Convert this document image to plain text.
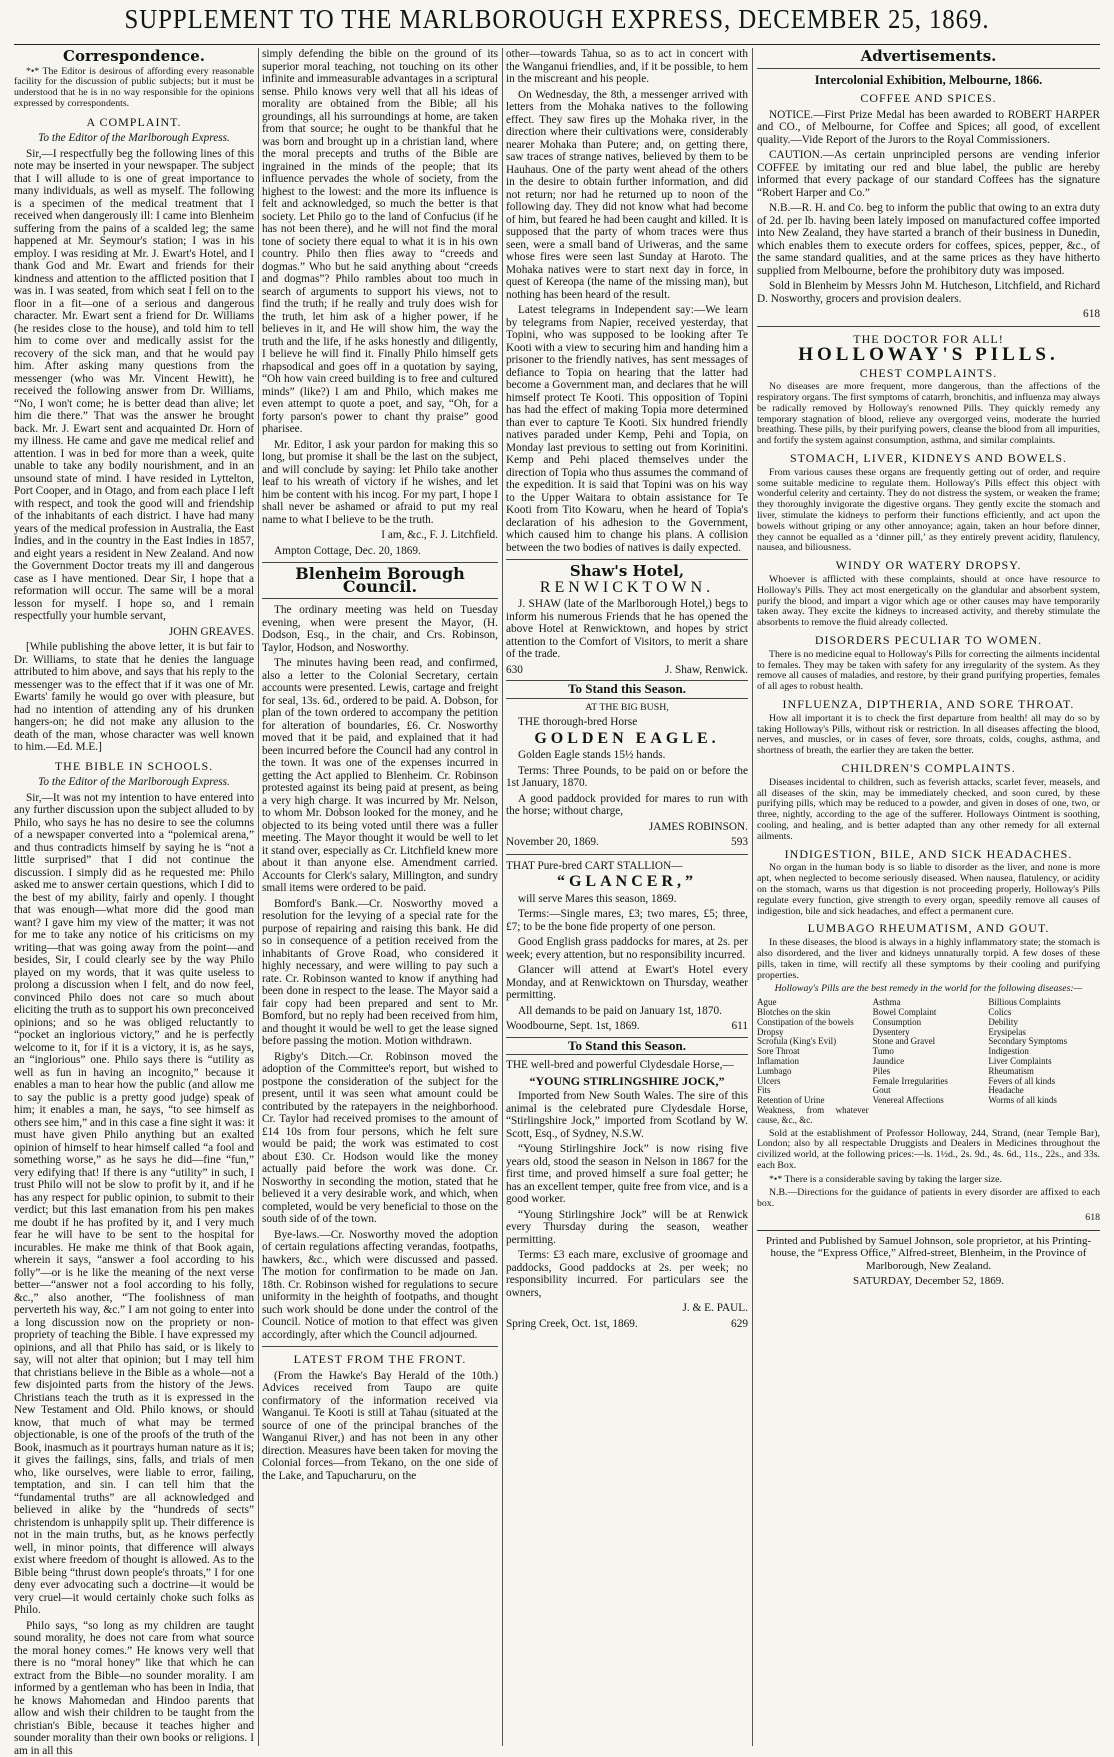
SUPPLEMENT TO THE MARLBOROUGH EXPRESS, DECEMBER 25, 1869.
Correspondence.

*•* The Editor is desirous of affording every reasonable facility for the discussion of public subjects; but it must be understood that he is in no way responsible for the opinions expressed by correspondents.

A COMPLAINT.

To the Editor of the Marlborough Express.

Sir,—I respectfully beg the following lines of this note may be inserted in your newspaper. The subject that I will allude to is one of great importance to many individuals, as well as myself. The following is a specimen of the medical treatment that I received when dangerously ill: I came into Blenheim suffering from the pains of a scalded leg; the same happened at Mr. Seymour's station; I was in his employ. I was residing at Mr. J. Ewart's Hotel, and I thank God and Mr. Ewart and friends for their kindness and attention to the afflicted position that I was in. I was seated, from which seat I fell on to the floor in a fit—one of a serious and dangerous character. Mr. Ewart sent a friend for Dr. Williams (he resides close to the house), and told him to tell him to come over and medically assist for the recovery of the sick man, and that he would pay him. After asking many questions from the messenger (who was Mr. Vincent Hewitt), he received the following answer from Dr. Williams, “No, I won't come; he is better dead than alive; let him die there.” That was the answer he brought back. Mr. J. Ewart sent and acquainted Dr. Horn of my illness. He came and gave me medical relief and attention. I was in bed for more than a week, quite unable to take any bodily nourishment, and in an unsound state of mind. I have resided in Lyttelton, Port Cooper, and in Otago, and from each place I left with respect, and took the good will and friendship of the inhabitants of each district. I have had many years of the medical profession in Australia, the East Indies, and in the country in the East Indies in 1857, and eight years a resident in New Zealand. And now the Government Doctor treats my ill and dangerous case as I have mentioned. Dear Sir, I hope that a reformation will occur. The same will be a moral lesson for myself. I hope so, and I remain respectfully your humble servant,

JOHN GREAVES.

[While publishing the above letter, it is but fair to Dr. Williams, to state that he denies the language attributed to him above, and says that his reply to the messenger was to the effect that if it was one of Mr. Ewarts' family he would go over with pleasure, but had no intention of attending any of his drunken hangers-on; he did not make any allusion to the death of the man, whose character was well known to him.—Ed. M.E.]

THE BIBLE IN SCHOOLS.

To the Editor of the Marlborough Express.

Sir,—It was not my intention to have entered into any further discussion upon the subject alluded to by Philo, who says he has no desire to see the columns of a newspaper converted into a “polemical arena,” and thus contradicts himself by saying he is “not a little surprised” that I did not continue the discussion. I simply did as he requested me: Philo asked me to answer certain questions, which I did to the best of my ability, fairly and openly. I thought that was enough—what more did the good man want? I gave him my view of the matter; it was not for me to take any notice of his criticisms on my writing—that was going away from the point—and besides, Sir, I could clearly see by the way Philo played on my words, that it was quite useless to prolong a discussion when I felt, and do now feel, convinced Philo does not care so much about eliciting the truth as to support his own preconceived opinions; and so he was obliged reluctantly to “pocket an inglorious victory,” and he is perfectly welcome to it, for if it is a victory, it is, as he says, an “inglorious” one. Philo says there is “utility as well as fun in having an incognito,” because it enables a man to hear how the public (and allow me to say the public is a pretty good judge) speak of him; it enables a man, he says, “to see himself as others see him,” and in this case a fine sight it was: it must have given Philo anything but an exalted opinion of himself to hear himself called “a fool and something worse,” as he says he did—fine “fun,” very edifying that! If there is any “utility” in such, I trust Philo will not be slow to profit by it, and if he has any respect for public opinion, to submit to their verdict; but this last emanation from his pen makes me doubt if he has profited by it, and I very much fear he will have to be sent to the hospital for incurables. He make me think of that Book again, wherein it says, “answer a fool according to his folly”—or is he like the meaning of the next verse better—“answer not a fool according to his folly, &c.,” also another, “The foolishness of man perverteth his way, &c.” I am not going to enter into a long discussion now on the propriety or non-propriety of teaching the Bible. I have expressed my opinions, and all that Philo has said, or is likely to say, will not alter that opinion; but I may tell him that christians believe in the Bible as a whole—not a few disjointed parts from the history of the Jews. Christians teach the truth as it is expressed in the New Testament and Old. Philo knows, or should know, that much of what may be termed objectionable, is one of the proofs of the truth of the Book, inasmuch as it pourtrays human nature as it is; it gives the failings, sins, falls, and trials of men who, like ourselves, were liable to error, failing, temptation, and sin. I can tell him that the “fundamental truths” are all acknowledged and believed in alike by the “hundreds of sects” christendom is unhappily split up. Their difference is not in the main truths, but, as he knows perfectly well, in minor points, that difference will always exist where freedom of thought is allowed. As to the Bible being “thrust down people's throats,” I for one deny ever advocating such a doctrine—it would be very cruel—it would certainly choke such folks as Philo.

Philo says, “so long as my children are taught sound morality, he does not care from what source the moral honey comes.” He knows very well that there is no “moral honey” like that which he can extract from the Bible—no sounder morality. I am informed by a gentleman who has been in India, that he knows Mahomedan and Hindoo parents that allow and wish their children to be taught from the christian's Bible, because it teaches higher and sounder morality than their own books or religions. I am in all this

simply defending the bible on the ground of its superior moral teaching, not touching on its other infinite and immeasurable advantages in a scriptural sense. Philo knows very well that all his ideas of morality are obtained from the Bible; all his groundings, all his surroundings at home, are taken from that source; he ought to be thankful that he was born and brought up in a christian land, where the moral precepts and truths of the Bible are ingrained in the minds of the people; that its influence pervades the whole of society, from the highest to the lowest: and the more its influence is felt and acknowledged, so much the better is that society. Let Philo go to the land of Confucius (if he has not been there), and he will not find the moral tone of society there equal to what it is in his own country. Philo then flies away to “creeds and dogmas.” Who but he said anything about “creeds and dogmas”? Philo rambles about too much in search of arguments to support his views, not to find the truth; if he really and truly does wish for the truth, let him ask of a higher power, if he believes in it, and He will show him, the way the truth and the life, if he asks honestly and diligently, I believe he will find it. Finally Philo himself gets rhapsodical and goes off in a quotation by saying, “Oh how vain creed building is to free and cultured minds” (like?) I am and Philo, which makes me even attempt to quote a poet, and say, “Oh, for a forty parson's power to chant thy praise” good pharisee.

Mr. Editor, I ask your pardon for making this so long, but promise it shall be the last on the subject, and will conclude by saying: let Philo take another leaf to his wreath of victory if he wishes, and let him be content with his incog. For my part, I hope I shall never be ashamed or afraid to put my real name to what I believe to be the truth.

I am, &c., F. J. Litchfield.

Ampton Cottage, Dec. 20, 1869.

Blenheim Borough Council.

The ordinary meeting was held on Tuesday evening, when were present the Mayor, (H. Dodson, Esq., in the chair, and Crs. Robinson, Taylor, Hodson, and Nosworthy.

The minutes having been read, and confirmed, also a letter to the Colonial Secretary, certain accounts were presented. Lewis, cartage and freight for seal, 13s. 6d., ordered to be paid. A. Dobson, for plan of the town ordered to accompany the petition for alteration of boundaries, £6. Cr. Nosworthy moved that it be paid, and explained that it had been incurred before the Council had any control in the town. It was one of the expenses incurred in getting the Act applied to Blenheim. Cr. Robinson protested against its being paid at present, as being a very high charge. It was incurred by Mr. Nelson, to whom Mr. Dobson looked for the money, and he objected to its being voted until there was a fuller meeting. The Mayor thought it would be well to let it stand over, especially as Cr. Litchfield knew more about it than anyone else. Amendment carried. Accounts for Clerk's salary, Millington, and sundry small items were ordered to be paid.

Bomford's Bank.—Cr. Nosworthy moved a resolution for the levying of a special rate for the purpose of repairing and raising this bank. He did so in consequence of a petition received from the inhabitants of Grove Road, who considered it highly necessary, and were willing to pay such a rate. Cr. Robinson wanted to know if anything had been done in respect to the lease. The Mayor said a fair copy had been prepared and sent to Mr. Bomford, but no reply had been received from him, and thought it would be well to get the lease signed before passing the motion. Motion withdrawn.

Rigby's Ditch.—Cr. Robinson moved the adoption of the Committee's report, but wished to postpone the consideration of the subject for the present, until it was seen what amount could be contributed by the ratepayers in the neighborhood. Cr. Taylor had received promises to the amount of £14 10s from four persons, which he felt sure would be paid; the work was estimated to cost about £30. Cr. Hodson would like the money actually paid before the work was done. Cr. Nosworthy in seconding the motion, stated that he believed it a very desirable work, and which, when completed, would be very beneficial to those on the south side of of the town.

Bye-laws.—Cr. Nosworthy moved the adoption of certain regulations affecting verandas, footpaths, hawkers, &c., which were discussed and passed. The motion for confirmation to be made on Jan. 18th. Cr. Robinson wished for regulations to secure uniformity in the heighth of footpaths, and thought such work should be done under the control of the Council. Notice of motion to that effect was given accordingly, after which the Council adjourned.

LATEST FROM THE FRONT.

(From the Hawke's Bay Herald of the 10th.) Advices received from Taupo are quite confirmatory of the information received via Wanganui. Te Kooti is still at Tahau (situated at the source of one of the principal branches of the Wanganui River,) and has not been in any other direction. Measures have been taken for moving the Colonial forces—from Tekano, on the one side of the Lake, and Tapucharuru, on the

other—towards Tahua, so as to act in concert with the Wanganui friendlies, and, if it be possible, to hem in the miscreant and his people.

On Wednesday, the 8th, a messenger arrived with letters from the Mohaka natives to the following effect. They saw fires up the Mohaka river, in the direction where their cultivations were, considerably nearer Mohaka than Putere; and, on getting there, saw traces of strange natives, believed by them to be Hauhaus. One of the party went ahead of the others in the desire to obtain further information, and did not return; nor had he returned up to noon of the following day. They did not know what had become of him, but feared he had been caught and killed. It is supposed that the party of whom traces were thus seen, were a small band of Uriweras, and the same whose fires were seen last Sunday at Haroto. The Mohaka natives were to start next day in force, in quest of Kereopa (the name of the missing man), but nothing has been heard of the result.

Latest telegrams in Independent say:—We learn by telegrams from Napier, received yesterday, that Topini, who was supposed to be looking after Te Kooti with a view to securing him and handing him a prisoner to the friendly natives, has sent messages of defiance to Topia on hearing that the latter had become a Government man, and declares that he will himself protect Te Kooti. This opposition of Topini has had the effect of making Topia more determined than ever to capture Te Kooti. Six hundred friendly natives paraded under Kemp, Pehi and Topia, on Monday last previous to setting out from Korinitini. Kemp and Pehi placed themselves under the direction of Topia who thus assumes the command of the expedition. It is said that Topini was on his way to the Upper Waitara to obtain assistance for Te Kooti from Tito Kowaru, when he heard of Topia's declaration of his adhesion to the Government, which caused him to change his plans. A collision between the two bodies of natives is daily expected.

Shaw's Hotel,
RENWICKTOWN.

J. SHAW (late of the Marlborough Hotel,) begs to inform his numerous Friends that he has opened the above Hotel at Renwicktown, and hopes by strict attention to the Comfort of Visitors, to merit a share of the trade.

630	J. Shaw, Renwick.

To Stand this Season.

AT THE BIG BUSH,

THE thorough-bred Horse

GOLDEN EAGLE.

Golden Eagle stands 15½ hands.

Terms: Three Pounds, to be paid on or before the 1st January, 1870.

A good paddock provided for mares to run with the horse; without charge,

JAMES ROBINSON.

November 20, 1869.	593

THAT Pure-bred CART STALLION—

“GLANCER,”

will serve Mares this season, 1869.

Terms:—Single mares, £3; two mares, £5; three, £7; to be the bone fide property of one person.

Good English grass paddocks for mares, at 2s. per week; every attention, but no responsibility incurred.

Glancer will attend at Ewart's Hotel every Monday, and at Renwicktown on Thursday, weather permitting.

All demands to be paid on January 1st, 1870.

Woodbourne, Sept. 1st, 1869.	611

To Stand this Season.

THE well-bred and powerful Clydesdale Horse,—

“YOUNG STIRLINGSHIRE JOCK,”

Imported from New South Wales. The sire of this animal is the celebrated pure Clydesdale Horse, “Stirlingshire Jock,” imported from Scotland by W. Scott, Esq., of Sydney, N.S.W.

“Young Stirlingshire Jock” is now rising five years old, stood the season in Nelson in 1867 for the first time, and proved himself a sure foal getter; he has an excellent temper, quite free from vice, and is a good worker.

“Young Stirlingshire Jock” will be at Renwick every Thursday during the season, weather permitting.

Terms: £3 each mare, exclusive of groomage and paddocks, Good paddocks at 2s. per week; no responsibility incurred. For particulars see the owners,

J. & E. PAUL.

Spring Creek, Oct. 1st, 1869.	629

Advertisements.
Intercolonial Exhibition, Melbourne, 1866.
COFFEE AND SPICES.

NOTICE.—First Prize Medal has been awarded to ROBERT HARPER and CO., of Melbourne, for Coffee and Spices; all good, of excellent quality.—Vide Report of the Jurors to the Royal Commissioners.

CAUTION.—As certain unprincipled persons are vending inferior COFFEE by imitating our red and blue label, the public are hereby informed that every package of our standard Coffees has the signature “Robert Harper and Co.”

N.B.—R. H. and Co. beg to inform the public that owing to an extra duty of 2d. per lb. having been lately imposed on manufactured coffee imported into New Zealand, they have started a branch of their business in Dunedin, which enables them to execute orders for coffees, spices, pepper, &c., of the same standard qualities, and at the same prices as they have hitherto supplied from Melbourne, before the prohibitory duty was imposed.

Sold in Blenheim by Messrs John M. Hutcheson, Litchfield, and Richard D. Nosworthy, grocers and provision dealers.

618

THE DOCTOR FOR ALL!
HOLLOWAY'S PILLS.
CHEST COMPLAINTS.

No diseases are more frequent, more dangerous, than the affections of the respiratory organs. The first symptoms of catarrh, bronchitis, and influenza may always be radically removed by Holloway's renowned Pills. They quickly remedy any temporary stagnation of blood, relieve any overgorged veins, moderate the hurried breathing. These pills, by their purifying powers, cleanse the blood from all impurities, and fortify the system against consumption, asthma, and similar complaints.

STOMACH, LIVER, KIDNEYS AND BOWELS.

From various causes these organs are frequently getting out of order, and require some suitable medicine to regulate them. Holloway's Pills effect this object with wonderful celerity and certainty. They do not distress the system, or weaken the frame; they thoroughly invigorate the digestive organs. They gently excite the stomach and liver, stimulate the kidneys to perform their functions efficiently, and act upon the bowels without griping or any other annoyance; again, taken an hour before dinner, they cannot be equalled as a ‘dinner pill,’ as they entirely prevent acidity, flatulency, nausea, and biliousness.

WINDY OR WATERY DROPSY.

Whoever is afflicted with these complaints, should at once have resource to Holloway's Pills. They act most energetically on the glandular and absorbent system, purify the blood, and impart a vigor which age or other causes may have temporarily taken away. They excite the kidneys to increased activity, and thereby stimulate the absorbents to remove the fluid already collected.

DISORDERS PECULIAR TO WOMEN.

There is no medicine equal to Holloway's Pills for correcting the ailments incidental to females. They may be taken with safety for any irregularity of the system. As they remove all causes of maladies, and restore, by their grand purifying properties, females of all ages to robust health.

INFLUENZA, DIPTHERIA, AND SORE THROAT.

How all important it is to check the first departure from health! all may do so by taking Holloway's Pills, without risk or restriction. In all diseases affecting the blood, nerves, and muscles, or in cases of fever, sore throats, colds, coughs, asthma, and shortness of breath, the earlier they are taken the better.

CHILDREN'S COMPLAINTS.

Diseases incidental to children, such as feverish attacks, scarlet fever, measels, and all diseases of the skin, may be immediately checked, and soon cured, by these purifying pills, which may be reduced to a powder, and given in doses of one, two, or three, nightly, according to the age of the sufferer. Holloways Ointment is soothing, cooling, and healing, and is better adapted than any other remedy for all external ailments.

INDIGESTION, BILE, AND SICK HEADACHES.

No organ in the human body is so liable to disorder as the liver, and none is more apt, when neglected to become seriously diseased. When nausea, flatulency, or acidity on the stomach, warns us that digestion is not proceeding properly, Holloway's Pills regulate every function, give strength to every organ, speedily remove all causes of indigestion, bile and sick headaches, and effect a permanent cure.

LUMBAGO RHEUMATISM, AND GOUT.

In these diseases, the blood is always in a highly inflammatory state; the stomach is also disordered, and the liver and kidneys unnaturally torpid. A few doses of these pills, taken in time, will rectify all these symptoms by their cooling and purifying properties.

Holloway's Pills are the best remedy in the world for the following diseases:—

Ague	Asthma	Billious Complaints
Blotches on the skin	Bowel Complaint	Colics
Constipation of the bowels	Consumption	Debility
Dropsy	Dysentery	Erysipelas
Scrofula (King's Evil)	Stone and Gravel	Secondary Symptoms
Sore Throat	Tumo	Indigestion
Inflamation	Jaundice	Liver Complaints
Lumbago	Piles	Rheumatism
Ulcers	Female Irregularities	Fevers of all kinds
Fits	Gout	Headache
Retention of Urine	Venereal Affections	Worms of all kinds
Weakness, from whatever cause, &c., &c.

Sold at the establishment of Professor Holloway, 244, Strand, (near Temple Bar), London; also by all respectable Druggists and Dealers in Medicines throughout the civilized world, at the following prices:—ls. 1½d., 2s. 9d., 4s. 6d., 11s., 22s., and 33s. each Box.

*•* There is a considerable saving by taking the larger size.

N.B.—Directions for the guidance of patients in every disorder are affixed to each box.

618

Printed and Published by Samuel Johnson, sole proprietor, at his Printing-house, the “Express Office,” Alfred-street, Blenheim, in the Province of Marlborough, New Zealand.
SATURDAY, December 52, 1869.
